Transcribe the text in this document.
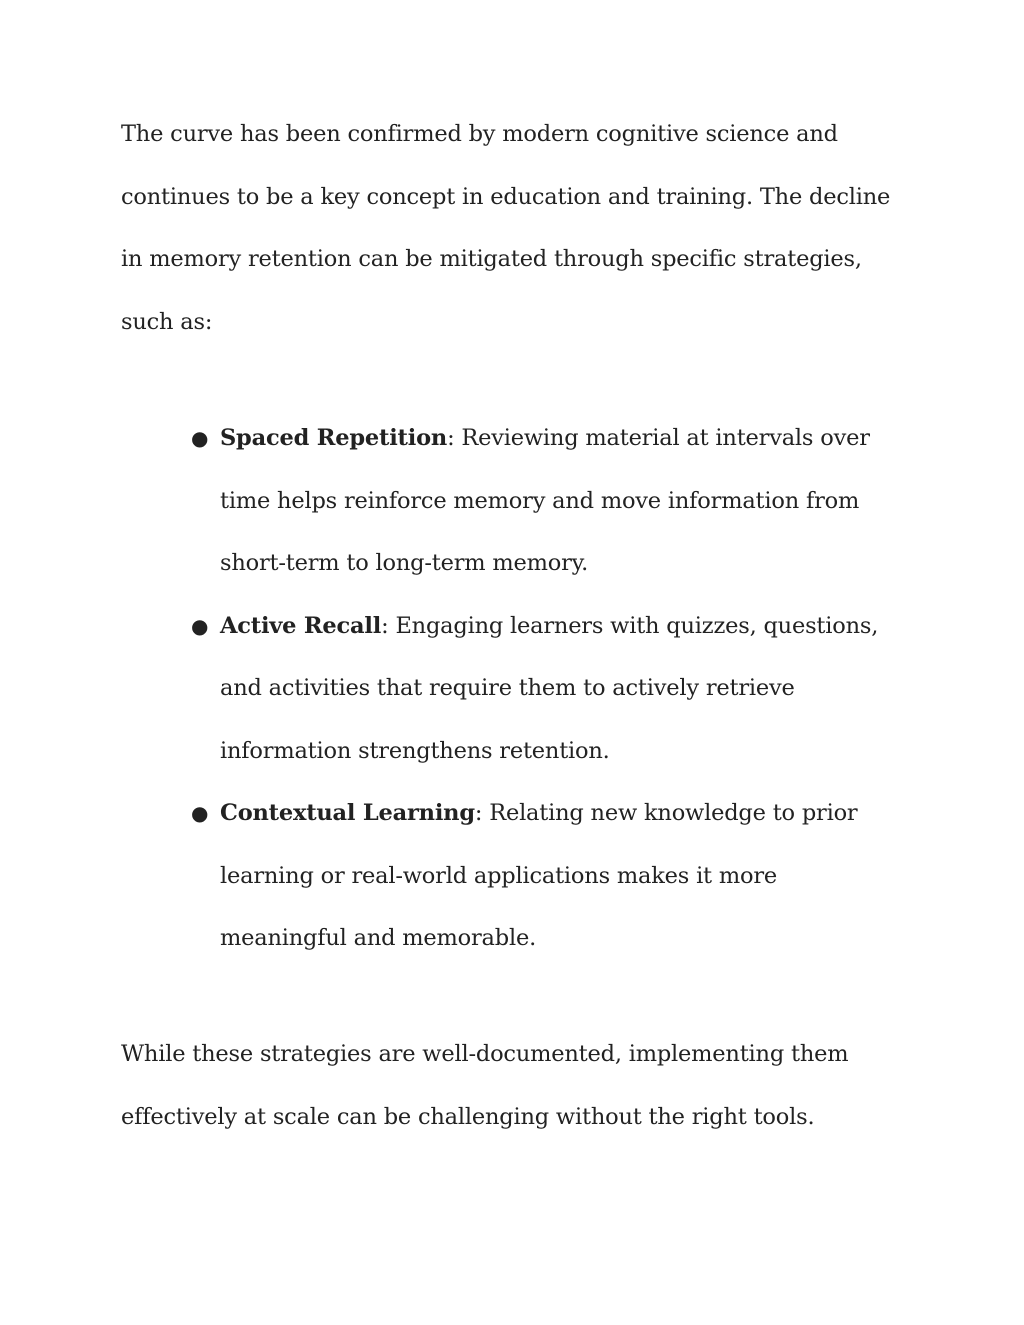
The curve has been confirmed by modern cognitive science and continues to be a key concept in education and training. The decline in memory retention can be mitigated through specific strategies, such as:

● Spaced Repetition: Reviewing material at intervals over time helps reinforce memory and move information from short-term to long-term memory.
● Active Recall: Engaging learners with quizzes, questions, and activities that require them to actively retrieve information strengthens retention.
● Contextual Learning: Relating new knowledge to prior learning or real-world applications makes it more meaningful and memorable.

While these strategies are well-documented, implementing them effectively at scale can be challenging without the right tools.
